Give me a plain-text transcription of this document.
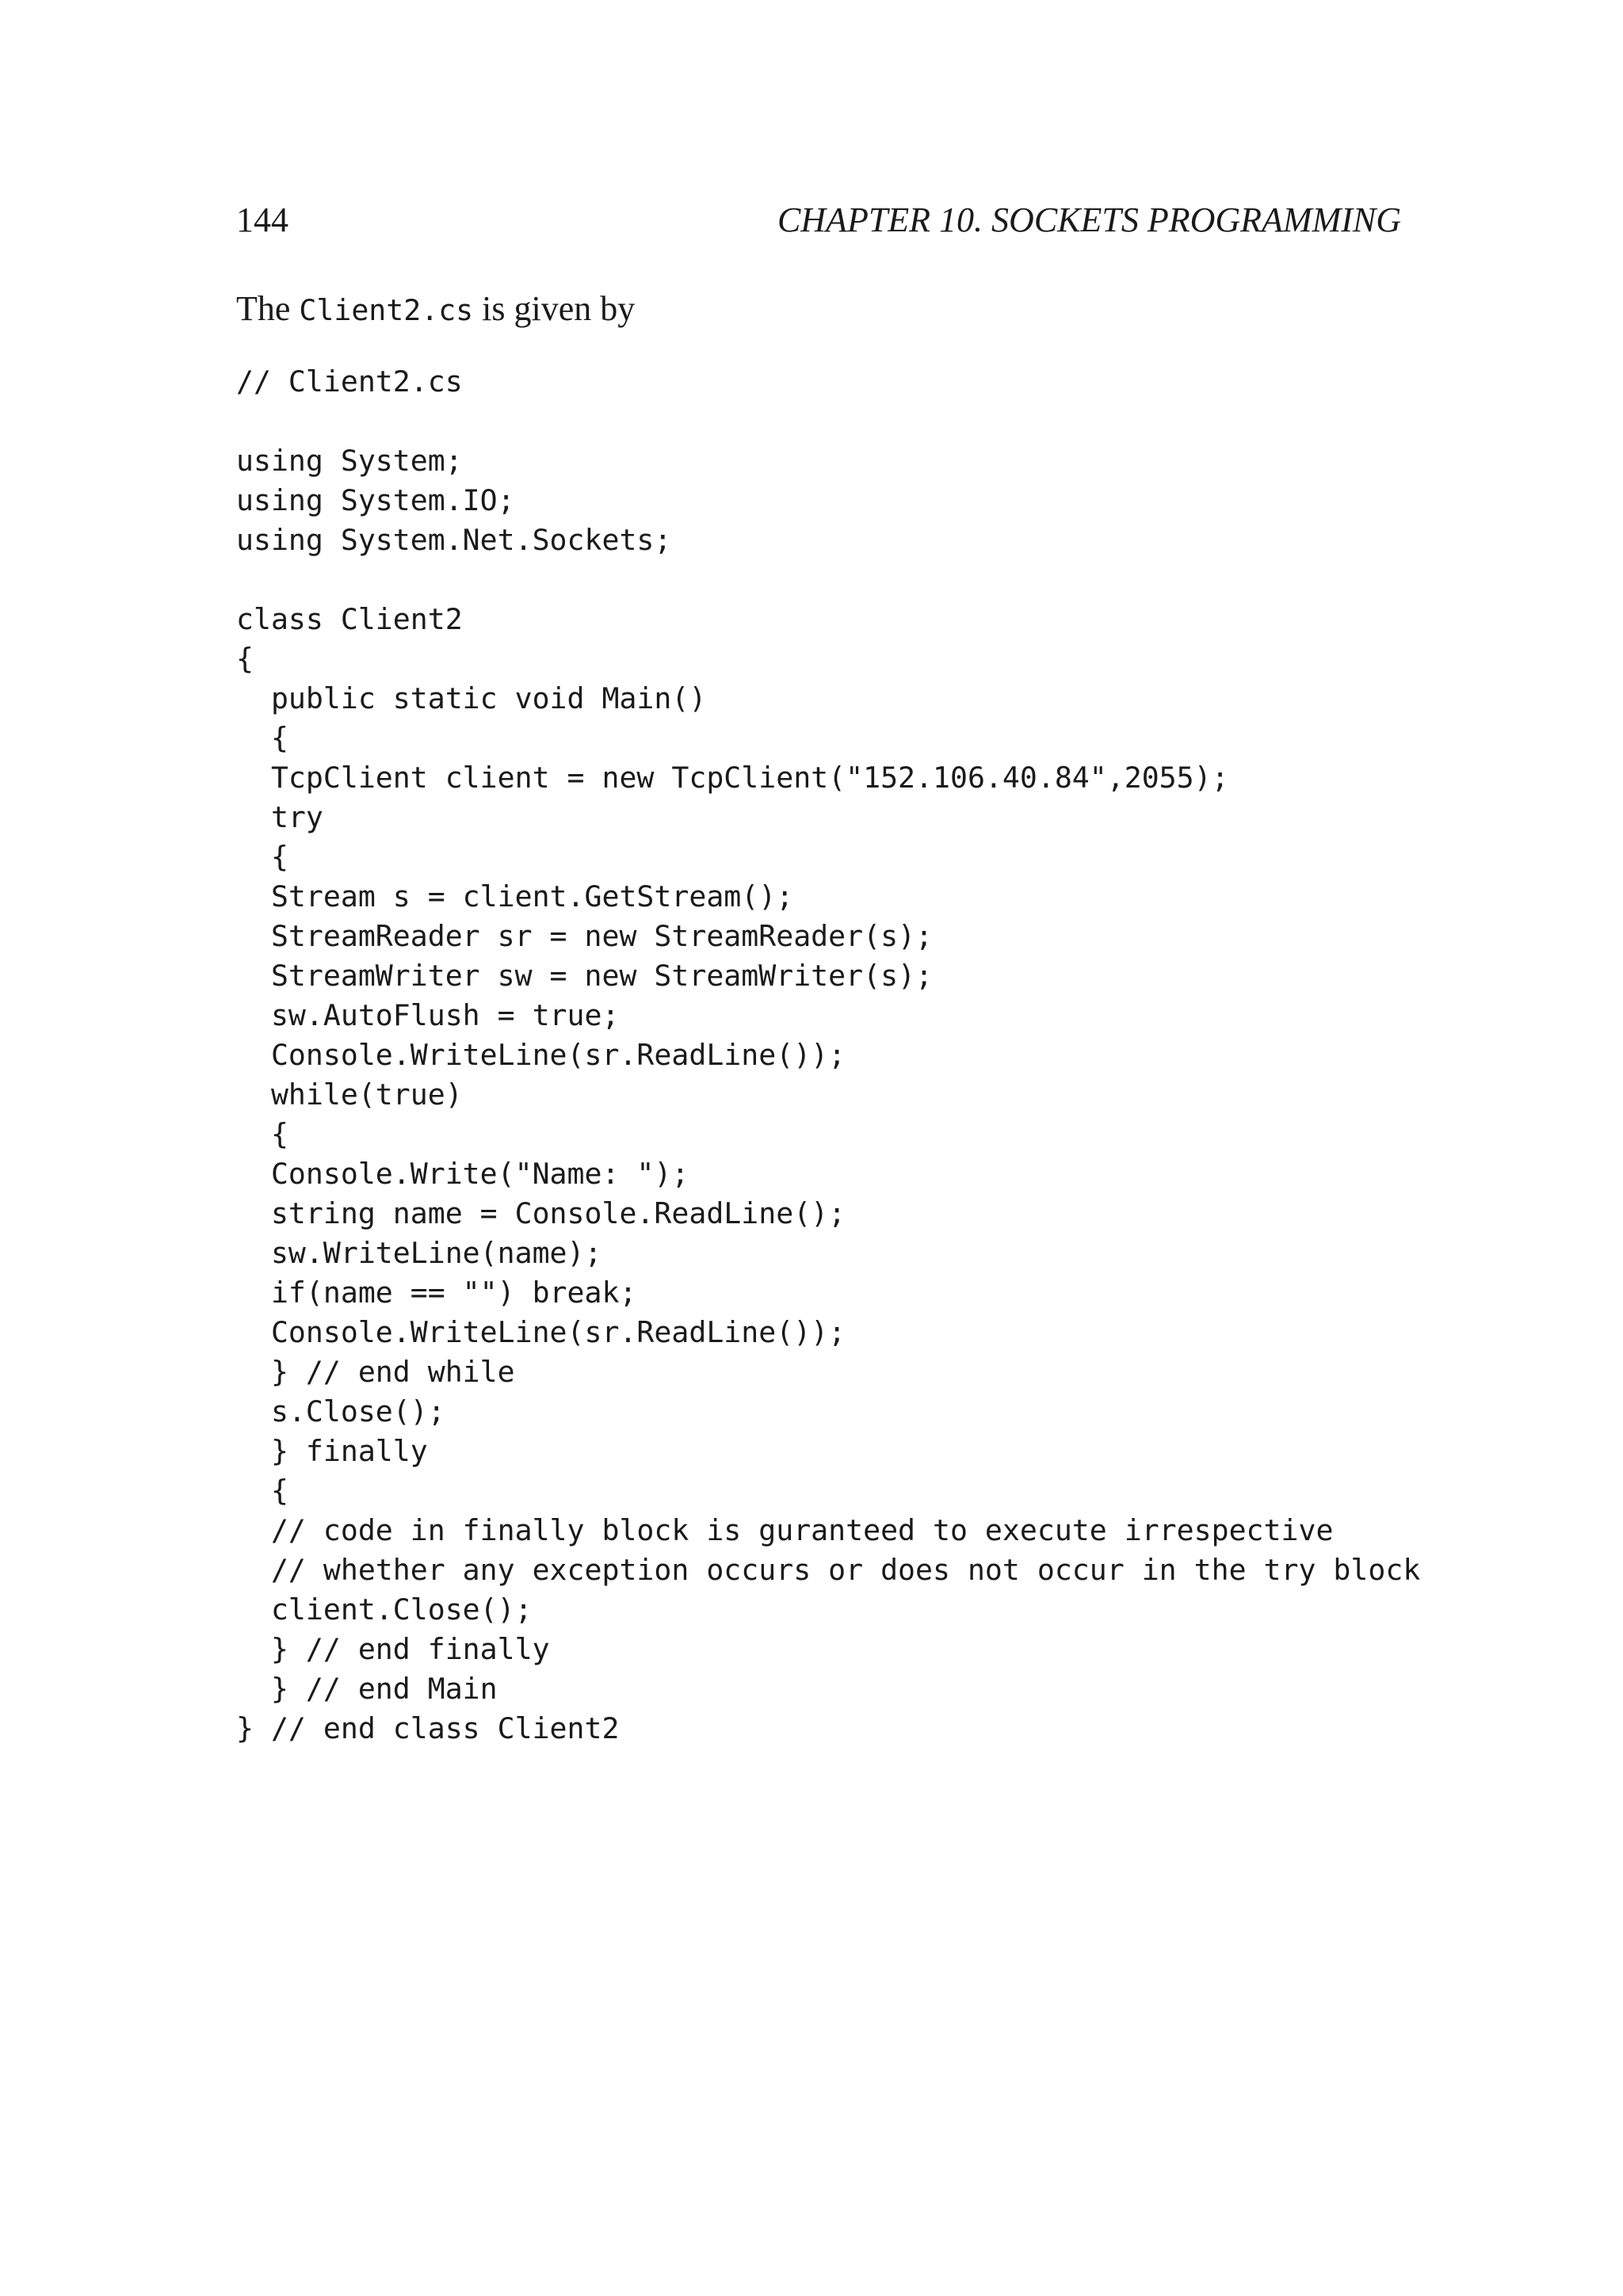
144	CHAPTER 10. SOCKETS PROGRAMMING
The Client2.cs is given by
// Client2.cs
using System;
using System.IO;
using System.Net.Sockets;
class Client2
{
public static void Main()
{
TcpClient client = new TcpClient("152.106.40.84",2055);
try
{
Stream s = client.GetStream();
StreamReader sr = new StreamReader(s);
StreamWriter sw = new StreamWriter(s);
sw.AutoFlush = true;
Console.WriteLine(sr.ReadLine());
while(true)
{
Console.Write("Name: ");
string name = Console.ReadLine();
sw.WriteLine(name);
if(name == "") break;
Console.WriteLine(sr.ReadLine());
} // end while
s.Close();
} finally
{
// code in finally block is guranteed to execute irrespective
// whether any exception occurs or does not occur in the try block
client.Close();
} // end finally
} // end Main
} // end class Client2
